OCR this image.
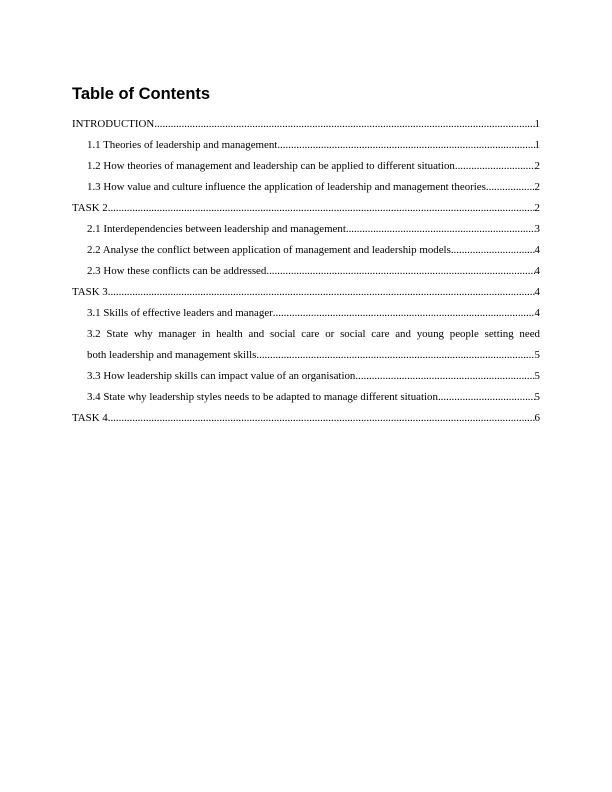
Table of Contents
INTRODUCTION .....	1
1.1 Theories of leadership and management .....	1
1.2 How theories of management and leadership can be applied to different situation .....	2
1.3 How value and culture influence the application of leadership and management theories. .....	2
TASK 2 .....	2
2.1 Interdependencies between leadership and management .....	3
2.2 Analyse the conflict between application of management and leadership models .....	4
2.3 How these conflicts can be addressed .....	4
TASK 3 .....	4
3.1 Skills of effective leaders and manager .....	4
3.2 State why manager in health and social care or social care and young people setting need
both leadership and management skills .....	5
3.3 How leadership skills can impact value of an organisation .....	5
3.4 State why leadership styles needs to be adapted to manage different situation .....	5
TASK 4 .....	6
